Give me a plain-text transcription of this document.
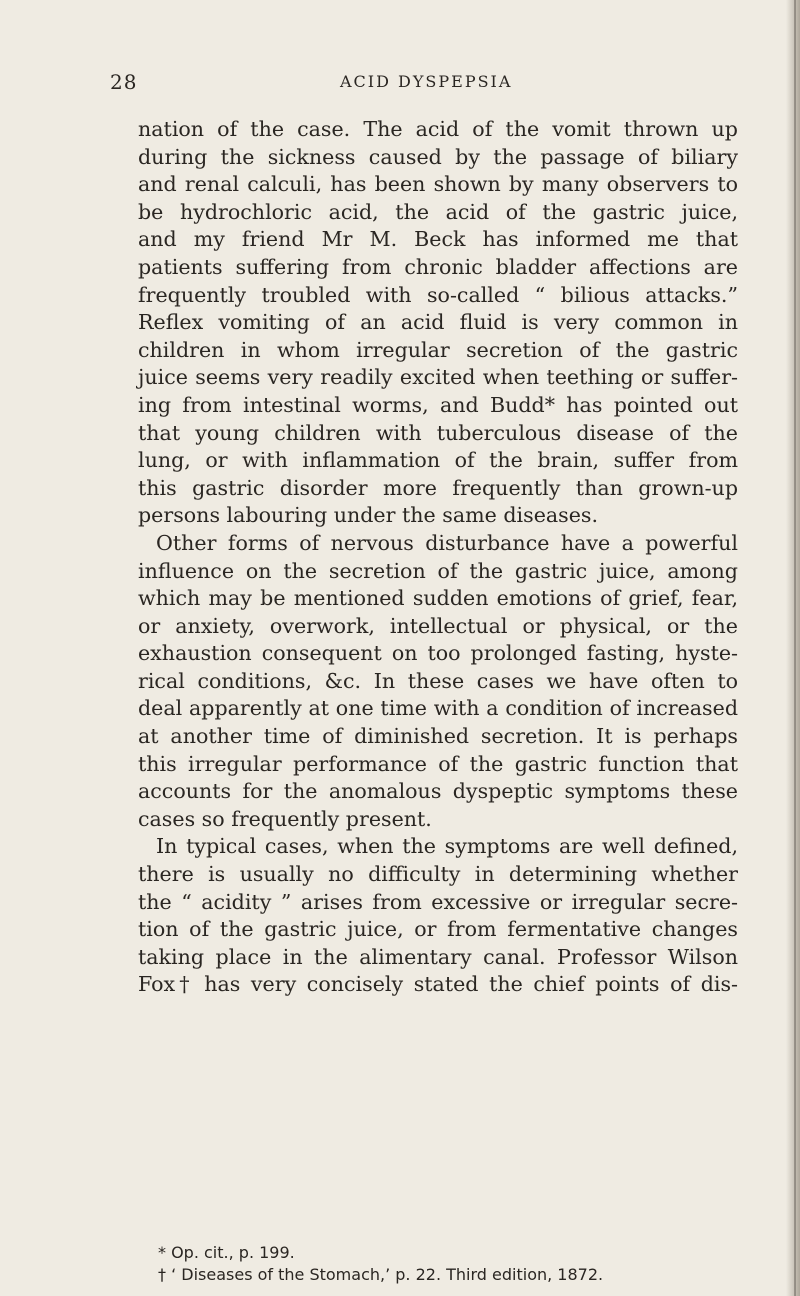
28	ACID DYSPEPSIA
nation of the case. The acid of the vomit thrown up
during the sickness caused by the passage of biliary
and renal calculi, has been shown by many observers to
be hydrochloric acid, the acid of the gastric juice,
and my friend Mr M. Beck has informed me that
patients suffering from chronic bladder affections are
frequently troubled with so-called “ bilious attacks.”
Reflex vomiting of an acid fluid is very common in
children in whom irregular secretion of the gastric
juice seems very readily excited when teething or suffer-
ing from intestinal worms, and Budd* has pointed out
that young children with tuberculous disease of the
lung, or with inflammation of the brain, suffer from
this gastric disorder more frequently than grown-up
persons labouring under the same diseases.
Other forms of nervous disturbance have a powerful
influence on the secretion of the gastric juice, among
which may be mentioned sudden emotions of grief, fear,
or anxiety, overwork, intellectual or physical, or the
exhaustion consequent on too prolonged fasting, hyste-
rical conditions, &c. In these cases we have often to
deal apparently at one time with a condition of increased
at another time of diminished secretion. It is perhaps
this irregular performance of the gastric function that
accounts for the anomalous dyspeptic symptoms these
cases so frequently present.
In typical cases, when the symptoms are well defined,
there is usually no difficulty in determining whether
the “ acidity ” arises from excessive or irregular secre-
tion of the gastric juice, or from fermentative changes
taking place in the alimentary canal. Professor Wilson
Fox† has very concisely stated the chief points of dis-
* Op. cit., p. 199.
† ‘ Diseases of the Stomach,’ p. 22. Third edition, 1872.
